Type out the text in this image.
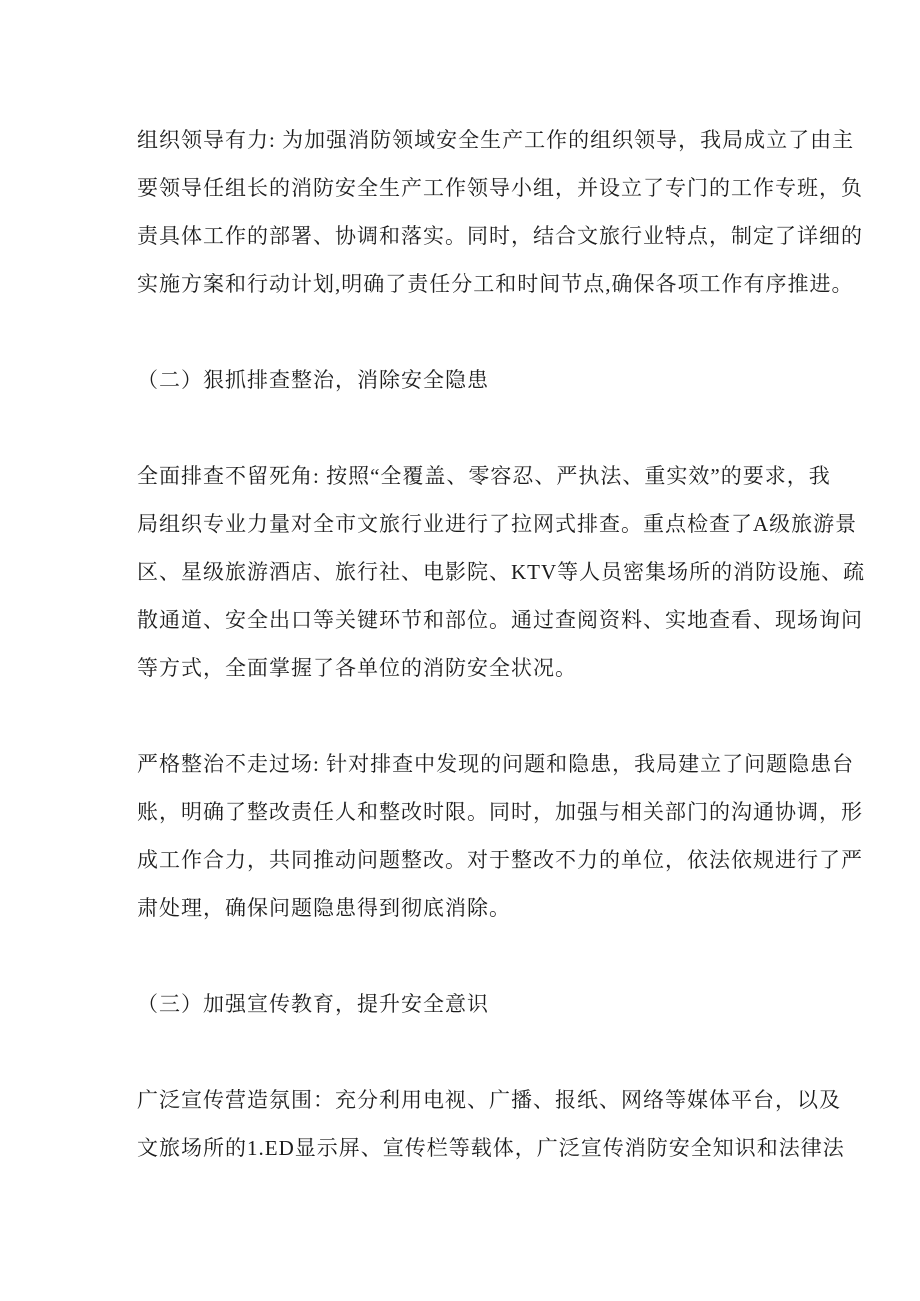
组织领导有力: 为加强消防领域安全生产工作的组织领导，我局成立了由主
要领导任组长的消防安全生产工作领导小组，并设立了专门的工作专班，负
责具体工作的部署、协调和落实。同时，结合文旅行业特点，制定了详细的
实施方案和行动计划,明确了责任分工和时间节点,确保各项工作有序推进。
（二）狠抓排查整治，消除安全隐患
全面排查不留死角: 按照“全覆盖、零容忍、严执法、重实效”的要求，我
局组织专业力量对全市文旅行业进行了拉网式排查。重点检查了A级旅游景
区、星级旅游酒店、旅行社、电影院、KTV等人员密集场所的消防设施、疏
散通道、安全出口等关键环节和部位。通过查阅资料、实地查看、现场询问
等方式，全面掌握了各单位的消防安全状况。
严格整治不走过场: 针对排查中发现的问题和隐患，我局建立了问题隐患台
账，明确了整改责任人和整改时限。同时，加强与相关部门的沟通协调，形
成工作合力，共同推动问题整改。对于整改不力的单位，依法依规进行了严
肃处理，确保问题隐患得到彻底消除。
（三）加强宣传教育，提升安全意识
广泛宣传营造氛围：充分利用电视、广播、报纸、网络等媒体平台，以及
文旅场所的1.ED显示屏、宣传栏等载体，广泛宣传消防安全知识和法律法
